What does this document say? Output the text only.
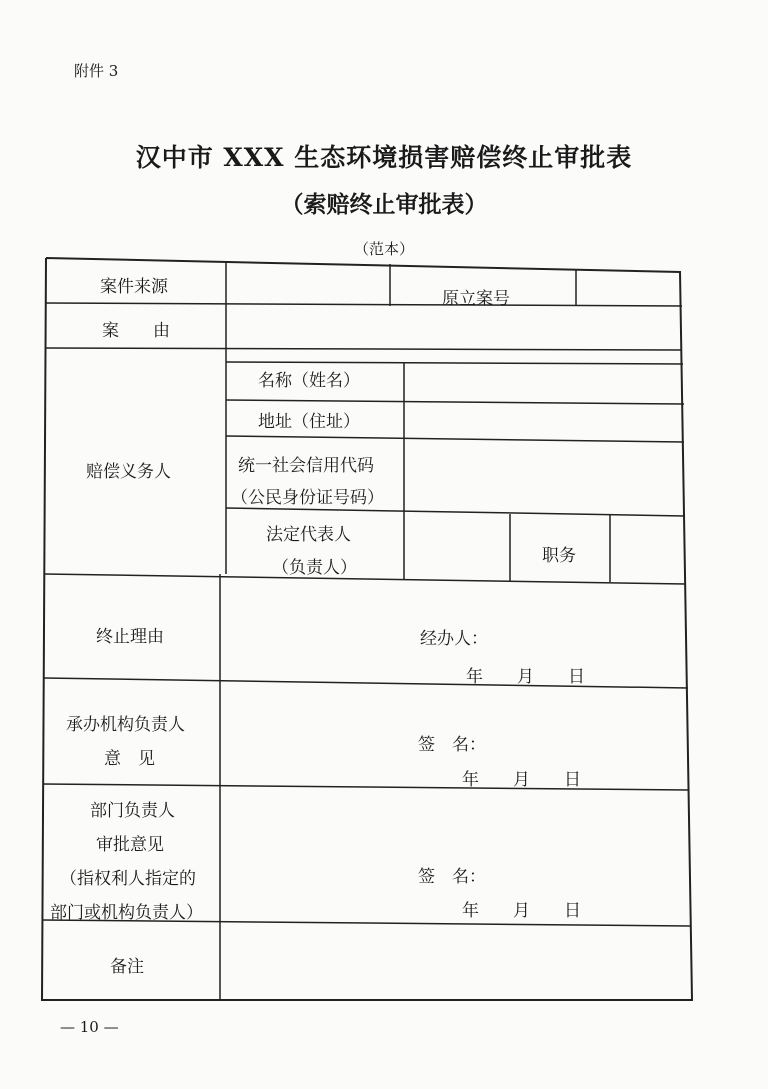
附件 3
汉中市 XXX 生态环境损害赔偿终止审批表
（索赔终止审批表）
（范本）
案件来源
原立案号
案　　由
赔偿义务人
名称（姓名）
地址（住址）
统一社会信用代码
（公民身份证号码）
法定代表人
（负责人）
职务
终止理由	经办人：
年　　月　　日
承办机构负责人
意　见
签　名：
年　　月　　日
部门负责人
审批意见
（指权利人指定的
部门或机构负责人）
签　名：
年　　月　　日
备注
— 10 —
